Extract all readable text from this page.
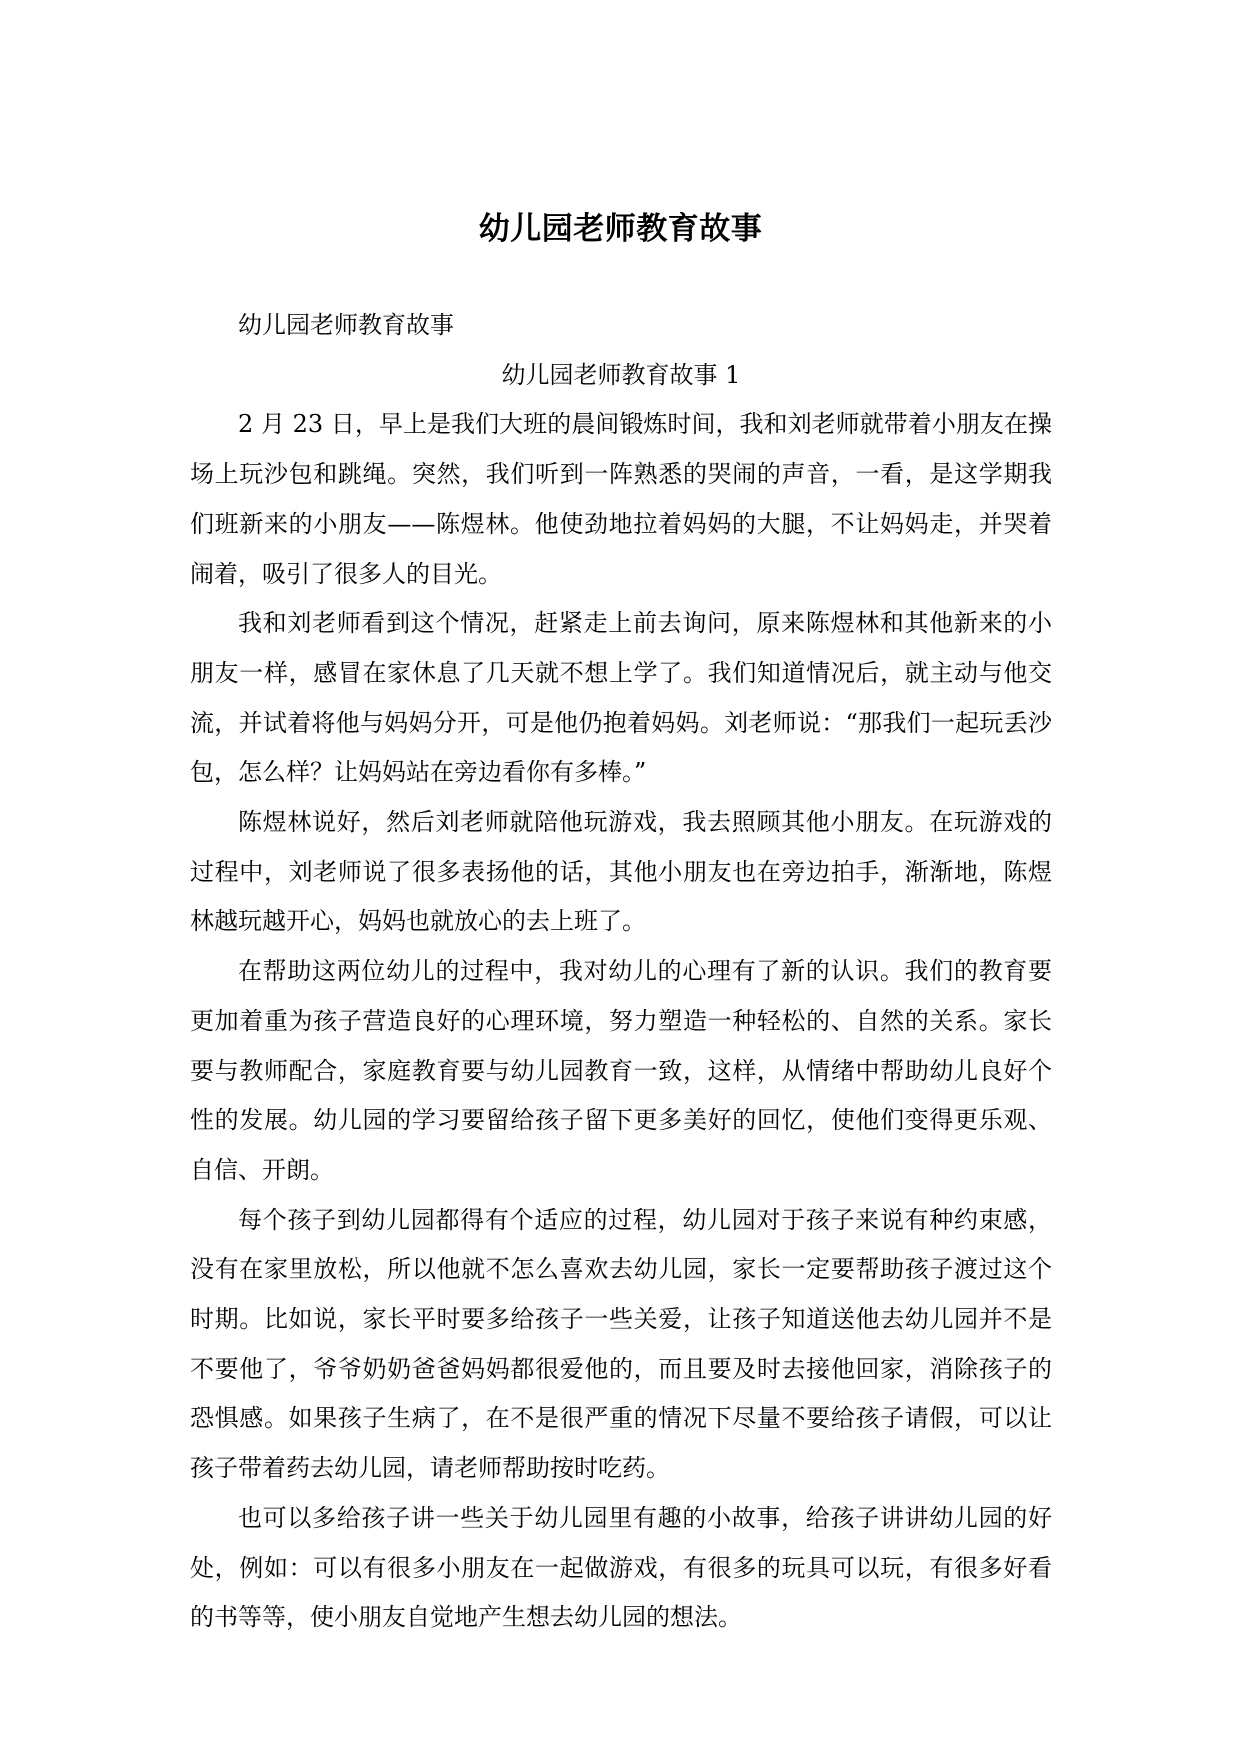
幼儿园老师教育故事

幼儿园老师教育故事

幼儿园老师教育故事 1

2 月 23 日，早上是我们大班的晨间锻炼时间，我和刘老师就带着小朋友在操场上玩沙包和跳绳。突然，我们听到一阵熟悉的哭闹的声音，一看，是这学期我们班新来的小朋友——陈煜林。他使劲地拉着妈妈的大腿，不让妈妈走，并哭着闹着，吸引了很多人的目光。

我和刘老师看到这个情况，赶紧走上前去询问，原来陈煜林和其他新来的小朋友一样，感冒在家休息了几天就不想上学了。我们知道情况后，就主动与他交流，并试着将他与妈妈分开，可是他仍抱着妈妈。刘老师说：“那我们一起玩丢沙包，怎么样？让妈妈站在旁边看你有多棒。”

陈煜林说好，然后刘老师就陪他玩游戏，我去照顾其他小朋友。在玩游戏的过程中，刘老师说了很多表扬他的话，其他小朋友也在旁边拍手，渐渐地，陈煜林越玩越开心，妈妈也就放心的去上班了。

在帮助这两位幼儿的过程中，我对幼儿的心理有了新的认识。我们的教育要更加着重为孩子营造良好的心理环境，努力塑造一种轻松的、自然的关系。家长要与教师配合，家庭教育要与幼儿园教育一致，这样，从情绪中帮助幼儿良好个性的发展。幼儿园的学习要留给孩子留下更多美好的回忆，使他们变得更乐观、自信、开朗。

每个孩子到幼儿园都得有个适应的过程，幼儿园对于孩子来说有种约束感，没有在家里放松，所以他就不怎么喜欢去幼儿园，家长一定要帮助孩子渡过这个时期。比如说，家长平时要多给孩子一些关爱，让孩子知道送他去幼儿园并不是不要他了，爷爷奶奶爸爸妈妈都很爱他的，而且要及时去接他回家，消除孩子的恐惧感。如果孩子生病了，在不是很严重的情况下尽量不要给孩子请假，可以让孩子带着药去幼儿园，请老师帮助按时吃药。

也可以多给孩子讲一些关于幼儿园里有趣的小故事，给孩子讲讲幼儿园的好处，例如：可以有很多小朋友在一起做游戏，有很多的玩具可以玩，有很多好看的书等等，使小朋友自觉地产生想去幼儿园的想法。
